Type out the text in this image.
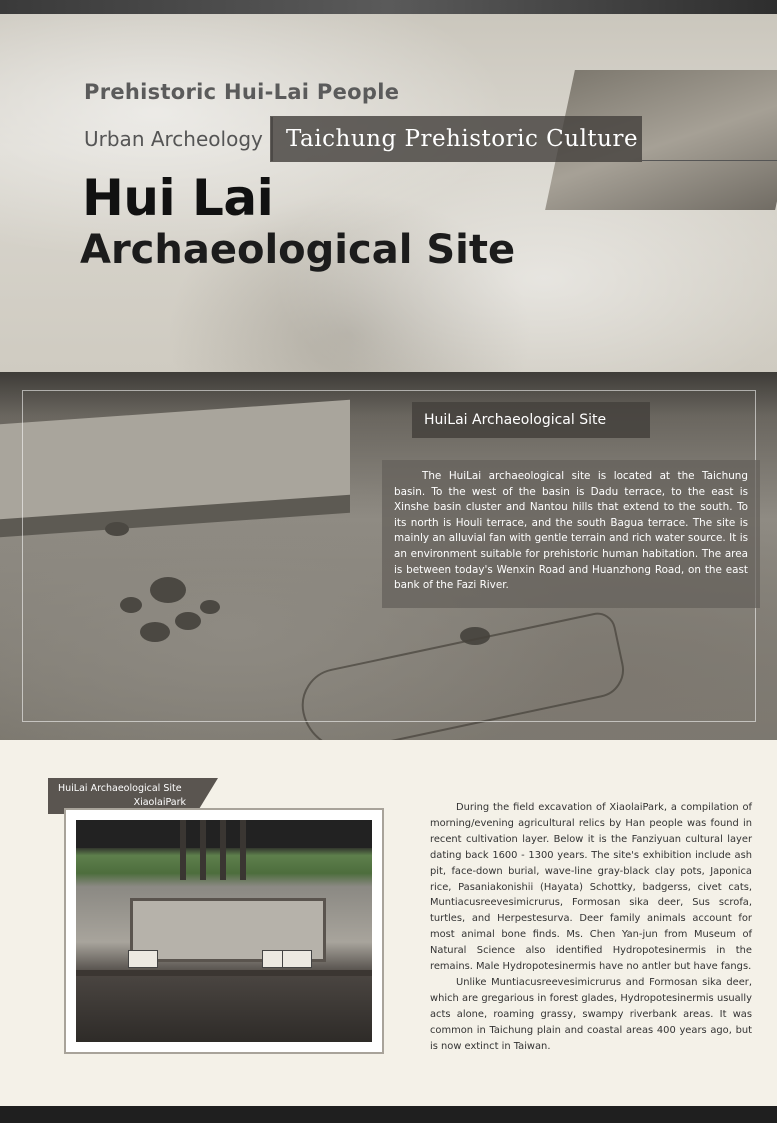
Prehistoric Hui-Lai People
Urban Archeology	Taichung Prehistoric Culture
Hui Lai
Archaeological Site
HuiLai Archaeological Site
The HuiLai archaeological site is located at the Taichung basin. To the west of the basin is Dadu terrace, to the east is Xinshe basin cluster and Nantou hills that extend to the south. To its north is Houli terrace, and the south Bagua terrace. The site is mainly an alluvial fan with gentle terrain and rich water source. It is an environment suitable for prehistoric human habitation. The area is between today's Wenxin Road and Huanzhong Road, on the east bank of the Fazi River.
HuiLai Archaeological Site
XiaolaiPark	During the field excavation of XiaolaiPark, a compilation of morning/evening agricultural relics by Han people was found in recent cultivation layer. Below it is the Fanziyuan cultural layer dating back 1600 - 1300 years. The site's exhibition include ash pit, face-down burial, wave-line gray-black clay pots, Japonica rice, Pasaniakonishii (Hayata) Schottky, badgerss, civet cats, Muntiacusreevesimicrurus, Formosan sika deer, Sus scrofa, turtles, and Herpestesurva. Deer family animals account for most animal bone finds. Ms. Chen Yan-jun from Museum of Natural Science also identified Hydropotesinermis in the remains. Male Hydropotesinermis have no antler but have fangs.

Unlike Muntiacusreevesimicrurus and Formosan sika deer, which are gregarious in forest glades, Hydropotesinermis usually acts alone, roaming grassy, swampy riverbank areas. It was common in Taichung plain and coastal areas 400 years ago, but is now extinct in Taiwan.
